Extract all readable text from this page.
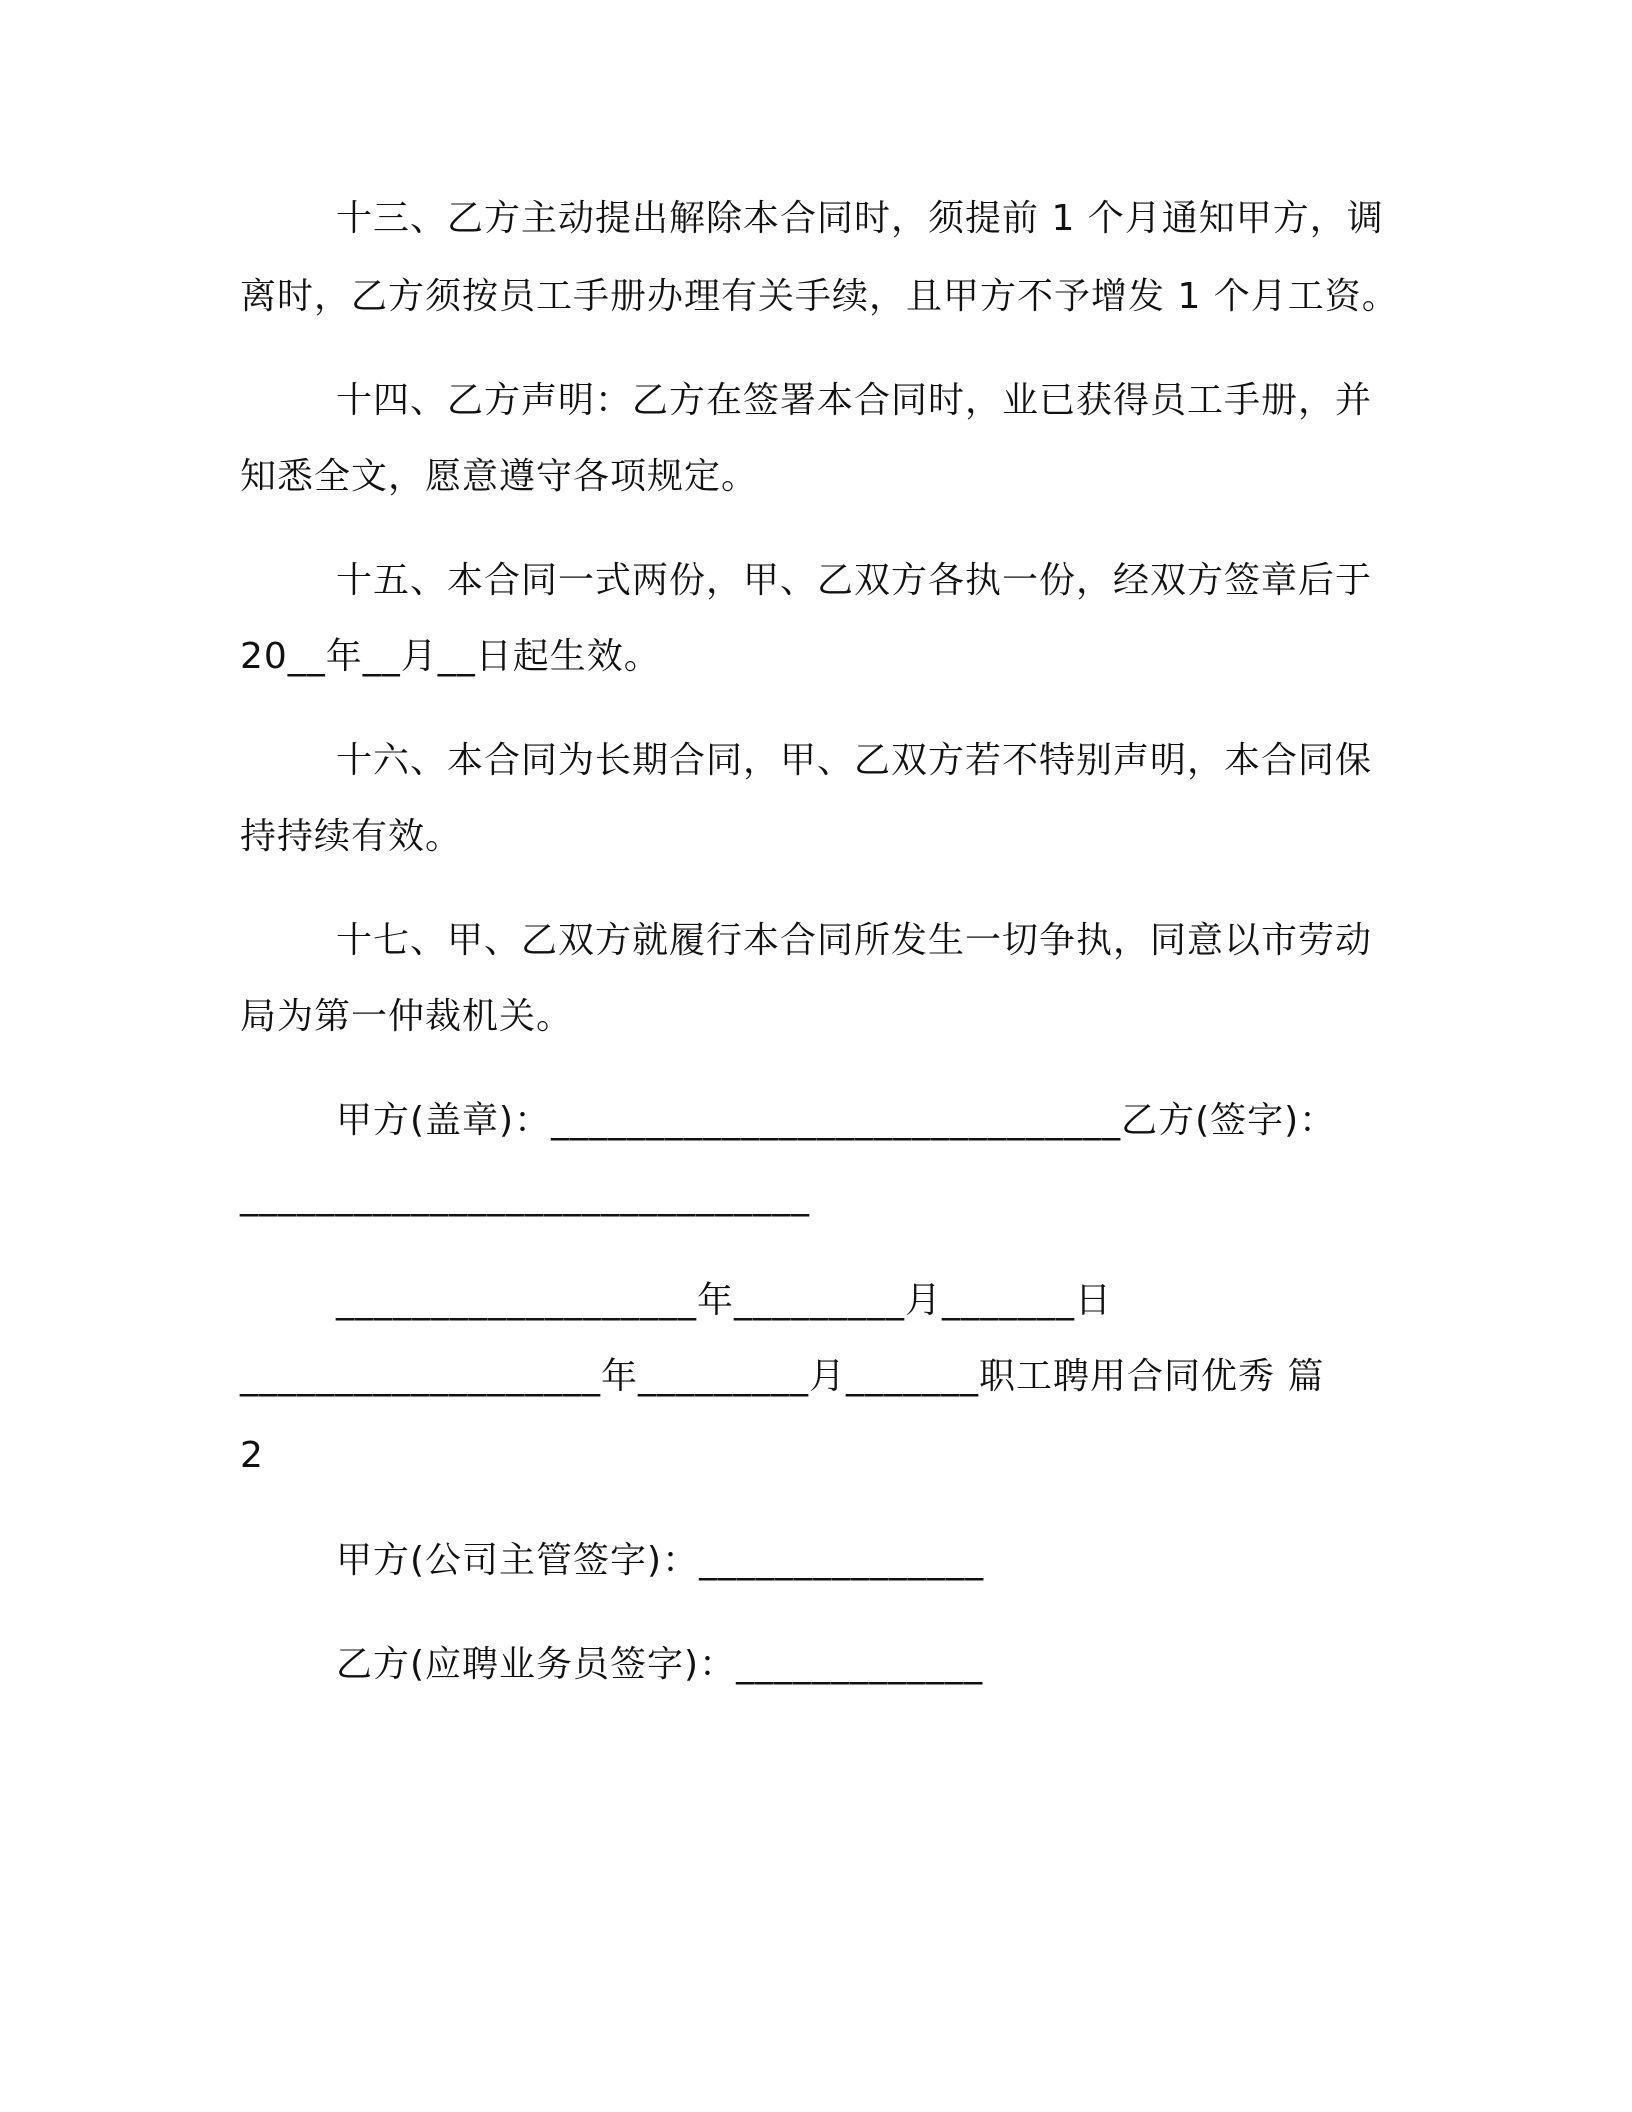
十三、乙方主动提出解除本合同时，须提前 1 个月通知甲方，调
离时，乙方须按员工手册办理有关手续，且甲方不予增发 1 个月工资。
十四、乙方声明：乙方在签署本合同时，业已获得员工手册，并
知悉全文，愿意遵守各项规定。
十五、本合同一式两份，甲、乙双方各执一份，经双方签章后于
20__年__月__日起生效。
十六、本合同为长期合同，甲、乙双方若不特别声明，本合同保
持持续有效。
十七、甲、乙双方就履行本合同所发生一切争执，同意以市劳动
局为第一仲裁机关。
甲方(盖章)：______________________________乙方(签字)：
______________________________
___________________年_________月_______日
___________________年_________月_______职工聘用合同优秀 篇
2
甲方(公司主管签字)：_______________
乙方(应聘业务员签字)：_____________
